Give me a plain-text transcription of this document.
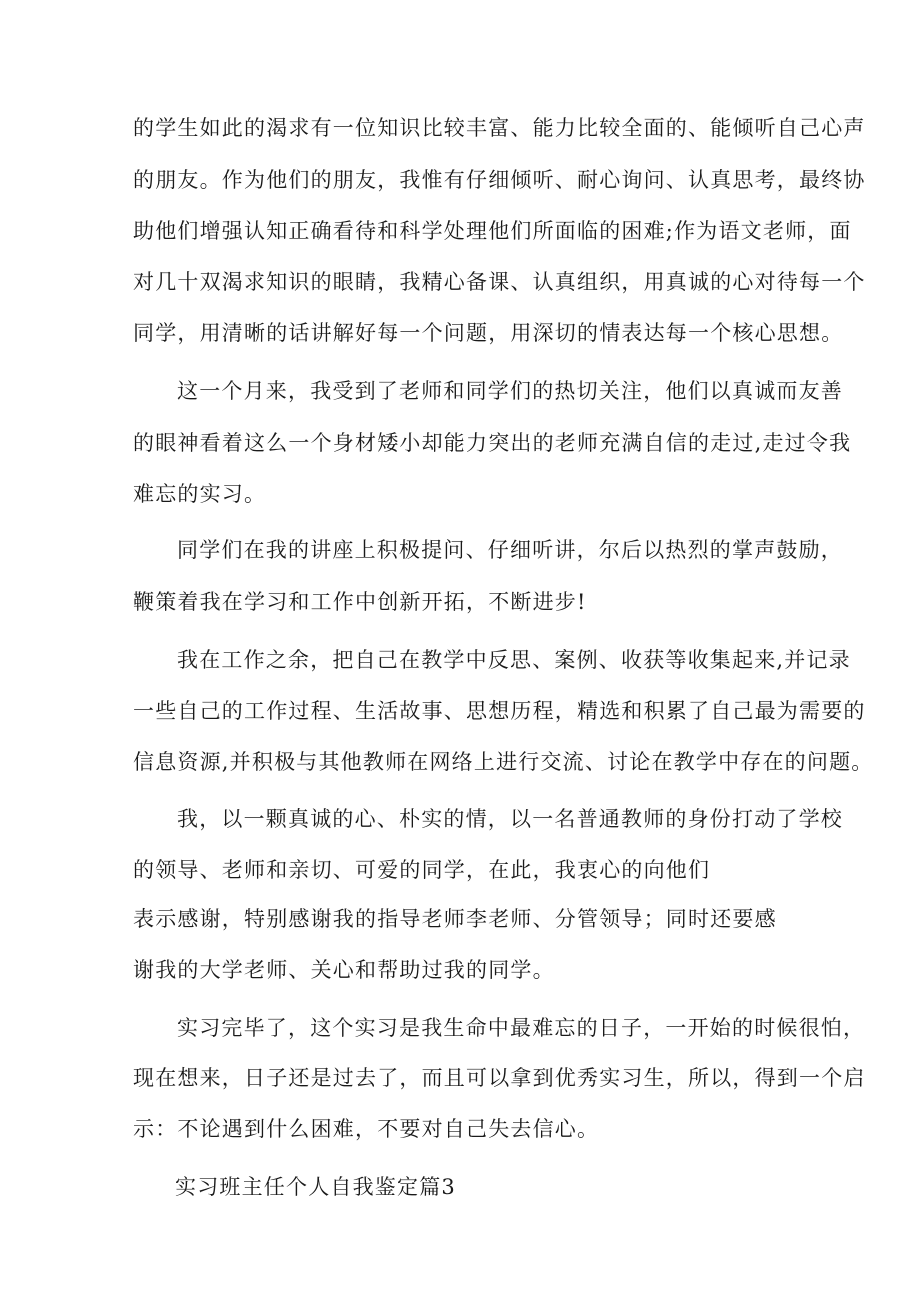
的学生如此的渴求有一位知识比较丰富、能力比较全面的、能倾听自己心声
的朋友。作为他们的朋友，我惟有仔细倾听、耐心询问、认真思考，最终协
助他们增强认知正确看待和科学处理他们所面临的困难;作为语文老师，面
对几十双渴求知识的眼睛，我精心备课、认真组织，用真诚的心对待每一个
同学，用清晰的话讲解好每一个问题，用深切的情表达每一个核心思想。
这一个月来，我受到了老师和同学们的热切关注，他们以真诚而友善
的眼神看着这么一个身材矮小却能力突出的老师充满自信的走过,走过令我
难忘的实习。
同学们在我的讲座上积极提问、仔细听讲，尔后以热烈的掌声鼓励，
鞭策着我在学习和工作中创新开拓，不断进步!
我在工作之余，把自己在教学中反思、案例、收获等收集起来,并记录
一些自己的工作过程、生活故事、思想历程，精选和积累了自己最为需要的
信息资源,并积极与其他教师在网络上进行交流、讨论在教学中存在的问题。
我，以一颗真诚的心、朴实的情，以一名普通教师的身份打动了学校
的领导、老师和亲切、可爱的同学，在此，我衷心的向他们
表示感谢，特别感谢我的指导老师李老师、分管领导；同时还要感
谢我的大学老师、关心和帮助过我的同学。
实习完毕了，这个实习是我生命中最难忘的日子，一开始的时候很怕，
现在想来，日子还是过去了，而且可以拿到优秀实习生，所以，得到一个启
示：不论遇到什么困难，不要对自己失去信心。
实习班主任个人自我鉴定篇3
